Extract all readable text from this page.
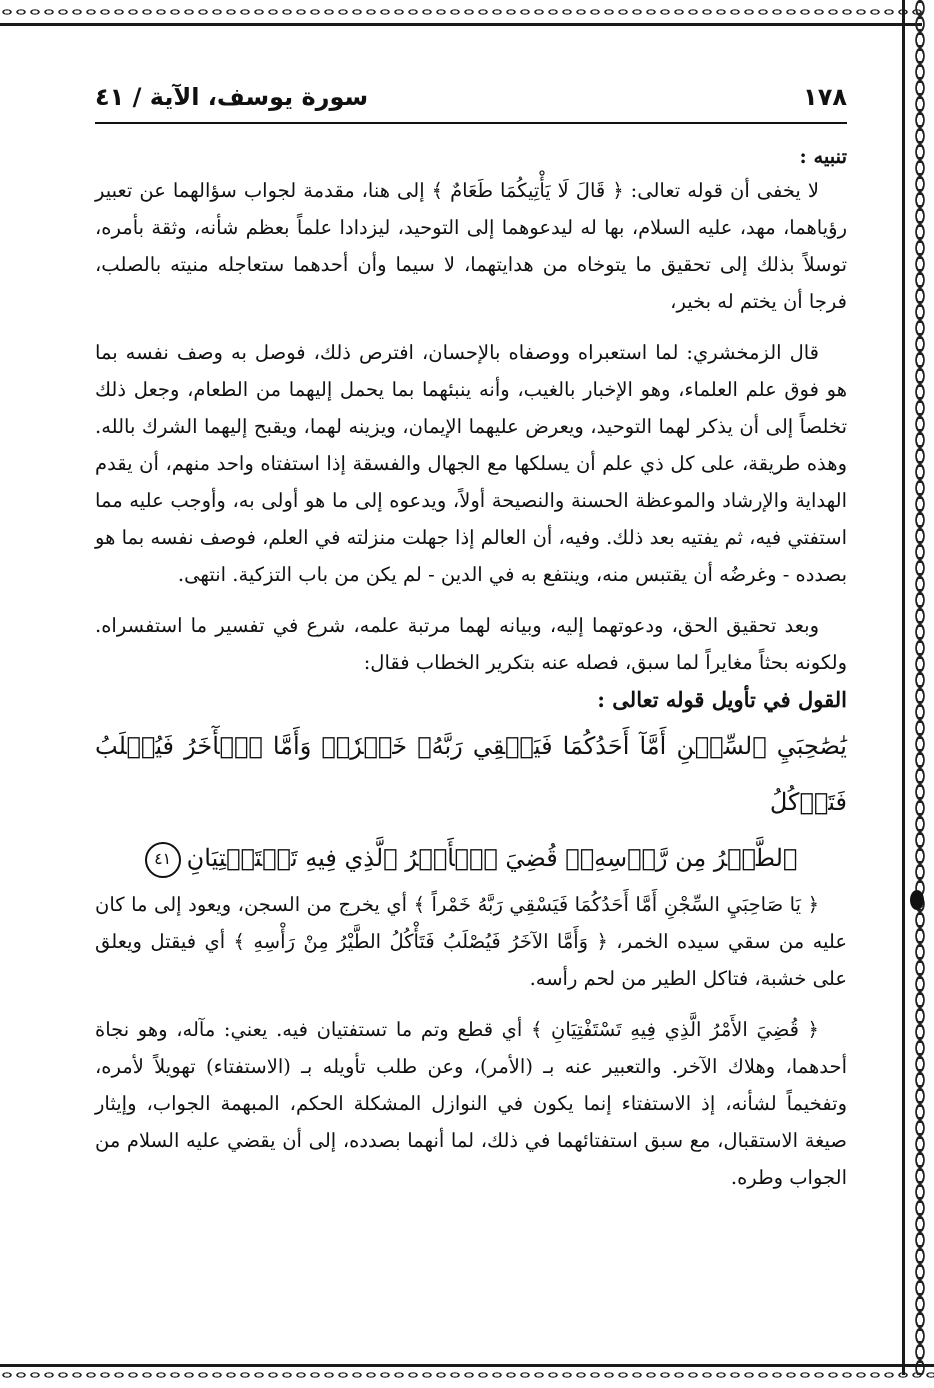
١٧٨
سورة يوسف، الآية / ٤١

تنبيه :

لا يخفى أن قوله تعالى: ﴿ قَالَ لَا يَأْتِيكُمَا طَعَامٌ ﴾ إلى هنا، مقدمة لجواب سؤالهما عن تعبير رؤياهما، مهد، عليه السلام، بها له ليدعوهما إلى التوحيد، ليزدادا علماً بعظم شأنه، وثقة بأمره، توسلاً بذلك إلى تحقيق ما يتوخاه من هدايتهما، لا سيما وأن أحدهما ستعاجله منيته بالصلب، فرجا أن يختم له بخير،

قال الزمخشري: لما استعبراه ووصفاه بالإحسان، افترص ذلك، فوصل به وصف نفسه بما هو فوق علم العلماء، وهو الإخبار بالغيب، وأنه ينبئهما بما يحمل إليهما من الطعام، وجعل ذلك تخلصاً إلى أن يذكر لهما التوحيد، ويعرض عليهما الإيمان، ويزينه لهما، ويقبح إليهما الشرك بالله. وهذه طريقة، على كل ذي علم أن يسلكها مع الجهال والفسقة إذا استفتاه واحد منهم، أن يقدم الهداية والإرشاد والموعظة الحسنة والنصيحة أولاً، ويدعوه إلى ما هو أولى به، وأوجب عليه مما استفتي فيه، ثم يفتيه بعد ذلك. وفيه، أن العالم إذا جهلت منزلته في العلم، فوصف نفسه بما هو بصدده - وغرضُه أن يقتبس منه، وينتفع به في الدين - لم يكن من باب التزكية. انتهى.

وبعد تحقيق الحق، ودعوتهما إليه، وبيانه لهما مرتبة علمه، شرع في تفسير ما استفسراه. ولكونه بحثاً مغايراً لما سبق، فصله عنه بتكرير الخطاب فقال:

القول في تأويل قوله تعالى :

يَٰصَٰحِبَيِ ٱلسِّجۡنِ أَمَّآ أَحَدُكُمَا فَيَسۡقِي رَبَّهُۥ خَمۡرٗاۖ وَأَمَّا ٱلۡأٓخَرُ فَيُصۡلَبُ فَتَأۡكُلُ
ٱلطَّيۡرُ مِن رَّأۡسِهِۦۚ قُضِيَ ٱلۡأَمۡرُ ٱلَّذِي فِيهِ تَسۡتَفۡتِيَانِ٤١

﴿ يَا صَاحِبَيِ السِّجْنِ أَمَّا أَحَدُكُمَا فَيَسْقِي رَبَّهُ خَمْراً ﴾ أي يخرج من السجن، ويعود إلى ما كان عليه من سقي سيده الخمر، ﴿ وَأَمَّا الآخَرُ فَيُصْلَبُ فَتَأْكُلُ الطَّيْرُ مِنْ رَأْسِهِ ﴾ أي فيقتل ويعلق على خشبة، فتاكل الطير من لحم رأسه.

﴿ قُضِيَ الأَمْرُ الَّذِي فِيهِ تَسْتَفْتِيَانِ ﴾ أي قطع وتم ما تستفتيان فيه. يعني: مآله، وهو نجاة أحدهما، وهلاك الآخر. والتعبير عنه بـ (الأمر)، وعن طلب تأويله بـ (الاستفتاء) تهويلاً لأمره، وتفخيماً لشأنه، إذ الاستفتاء إنما يكون في النوازل المشكلة الحكم، المبهمة الجواب، وإيثار صيغة الاستقبال، مع سبق استفتائهما في ذلك، لما أنهما بصدده، إلى أن يقضي عليه السلام من الجواب وطره.
